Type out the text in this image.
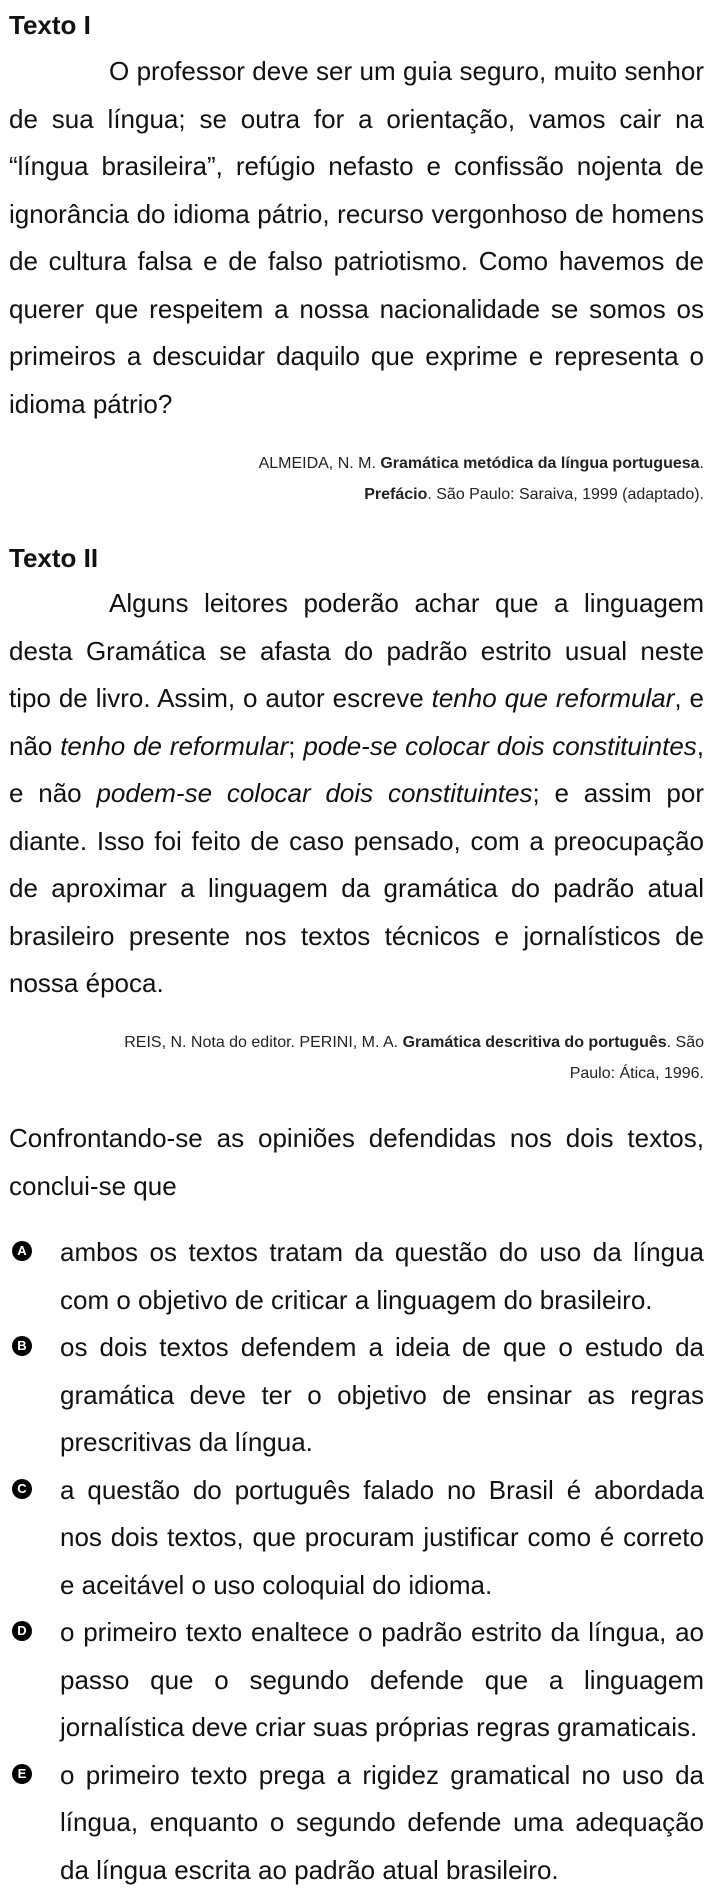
Texto I

O professor deve ser um guia seguro, muito senhor de sua língua; se outra for a orientação, vamos cair na “língua brasileira”, refúgio nefasto e confissão nojenta de ignorância do idioma pátrio, recurso vergonhoso de homens de cultura falsa e de falso patriotismo. Como havemos de querer que respeitem a nossa nacionalidade se somos os primeiros a descuidar daquilo que exprime e representa o idioma pátrio?

ALMEIDA, N. M. Gramática metódica da língua portuguesa.
Prefácio. São Paulo: Saraiva, 1999 (adaptado).

Texto II

Alguns leitores poderão achar que a linguagem desta Gramática se afasta do padrão estrito usual neste tipo de livro. Assim, o autor escreve tenho que reformular, e não tenho de reformular; pode-se colocar dois constituintes, e não podem-se colocar dois constituintes; e assim por diante. Isso foi feito de caso pensado, com a preocupação de aproximar a linguagem da gramática do padrão atual brasileiro presente nos textos técnicos e jornalísticos de nossa época.

REIS, N. Nota do editor. PERINI, M. A. Gramática descritiva do português. São Paulo: Ática, 1996.

Confrontando-se as opiniões defendidas nos dois textos, conclui-se que

A ambos os textos tratam da questão do uso da língua com o objetivo de criticar a linguagem do brasileiro.
B os dois textos defendem a ideia de que o estudo da gramática deve ter o objetivo de ensinar as regras prescritivas da língua.
C a questão do português falado no Brasil é abordada nos dois textos, que procuram justificar como é correto e aceitável o uso coloquial do idioma.
D o primeiro texto enaltece o padrão estrito da língua, ao passo que o segundo defende que a linguagem jornalística deve criar suas próprias regras gramaticais.
E o primeiro texto prega a rigidez gramatical no uso da língua, enquanto o segundo defende uma adequação da língua escrita ao padrão atual brasileiro.
